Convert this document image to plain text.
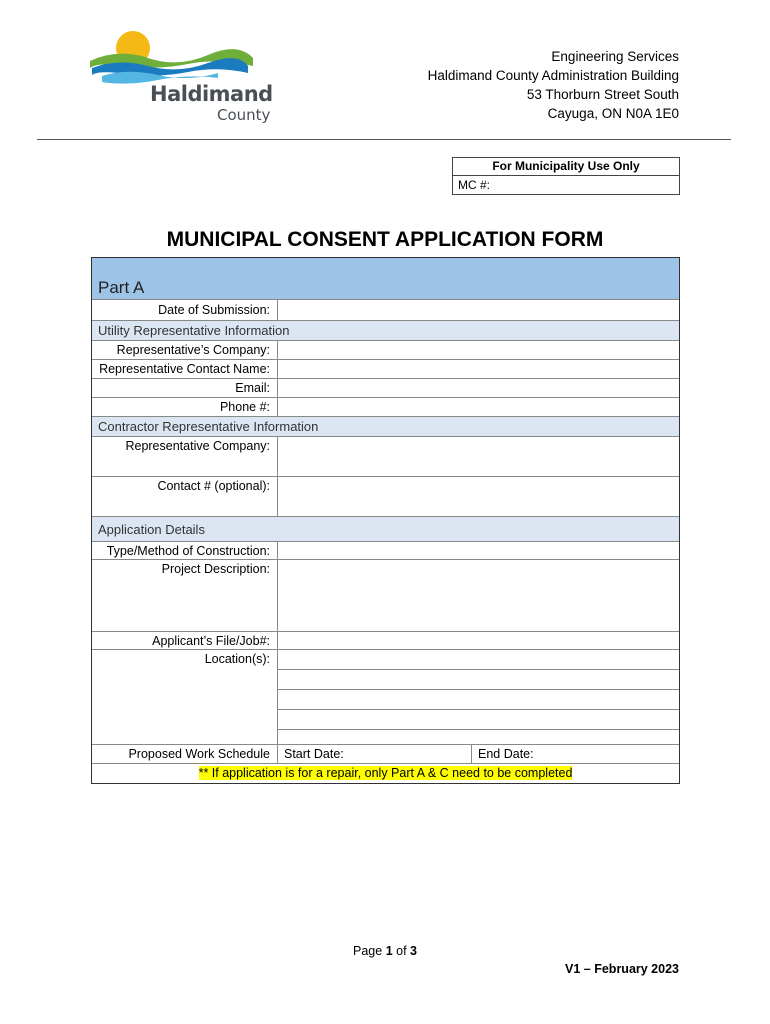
Haldimand
County
Engineering Services
Haldimand County Administration Building
53 Thorburn Street South
Cayuga, ON N0A 1E0
For Municipality Use Only
MC #:
MUNICIPAL CONSENT APPLICATION FORM
Part A
Date of Submission:
Utility Representative Information
Representative’s Company:
Representative Contact Name:
Email:
Phone #:
Contractor Representative Information
Representative Company:
Contact # (optional):
Application Details
Type/Method of Construction:
Project Description:
Applicant’s File/Job#:
Location(s):
Proposed Work Schedule	Start Date:	End Date:
** If application is for a repair, only Part A & C need to be completed
Page 1 of 3
V1 – February 2023
